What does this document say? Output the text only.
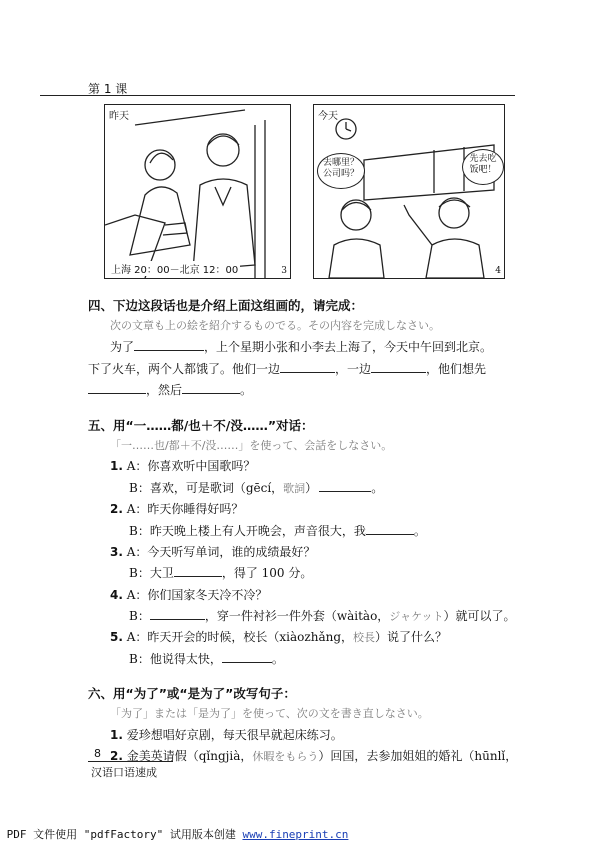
第 1 课
昨天
上海 20：00－北京 12：00	3
今天
去哪里？
公司吗？
先去吃
饭吧！
4
四、下边这段话也是介绍上面这组画的，请完成：
次の文章も上の絵を紹介するものでる。その内容を完成しなさい。
为了	，上个星期小张和小李去上海了，今天中午回到北京。
下了火车，两个人都饿了。他们一边	，一边	，他们想先
，然后	。
五、用“一……都/也＋不/没……”对话：
「一……也/都＋不/没……」を使って、会話をしなさい。
1. A：你喜欢听中国歌吗？
B：喜欢，可是歌词（gēcí，歌詞）	。
2. A：昨天你睡得好吗？
B：昨天晚上楼上有人开晚会，声音很大，我	。
3. A：今天听写单词，谁的成绩最好？
B：大卫	，得了 100 分。
4. A：你们国家冬天冷不冷？
B：	，穿一件衬衫一件外套（wàitào，ジャケット）就可以了。
5. A：昨天开会的时候，校长（xiàozhǎng，校長）说了什么？
B：他说得太快，	。
六、用“为了”或“是为了”改写句子：
「为了」または「是为了」を使って、次の文を書き直しなさい。
1. 爱珍想唱好京剧，每天很早就起床练习。
2. 金美英请假（qǐngjià，休暇をもらう）回国，去参加姐姐的婚礼（hūnlǐ，
8
汉语口语速成
PDF 文件使用 "pdfFactory" 试用版本创建 www.fineprint.cn
